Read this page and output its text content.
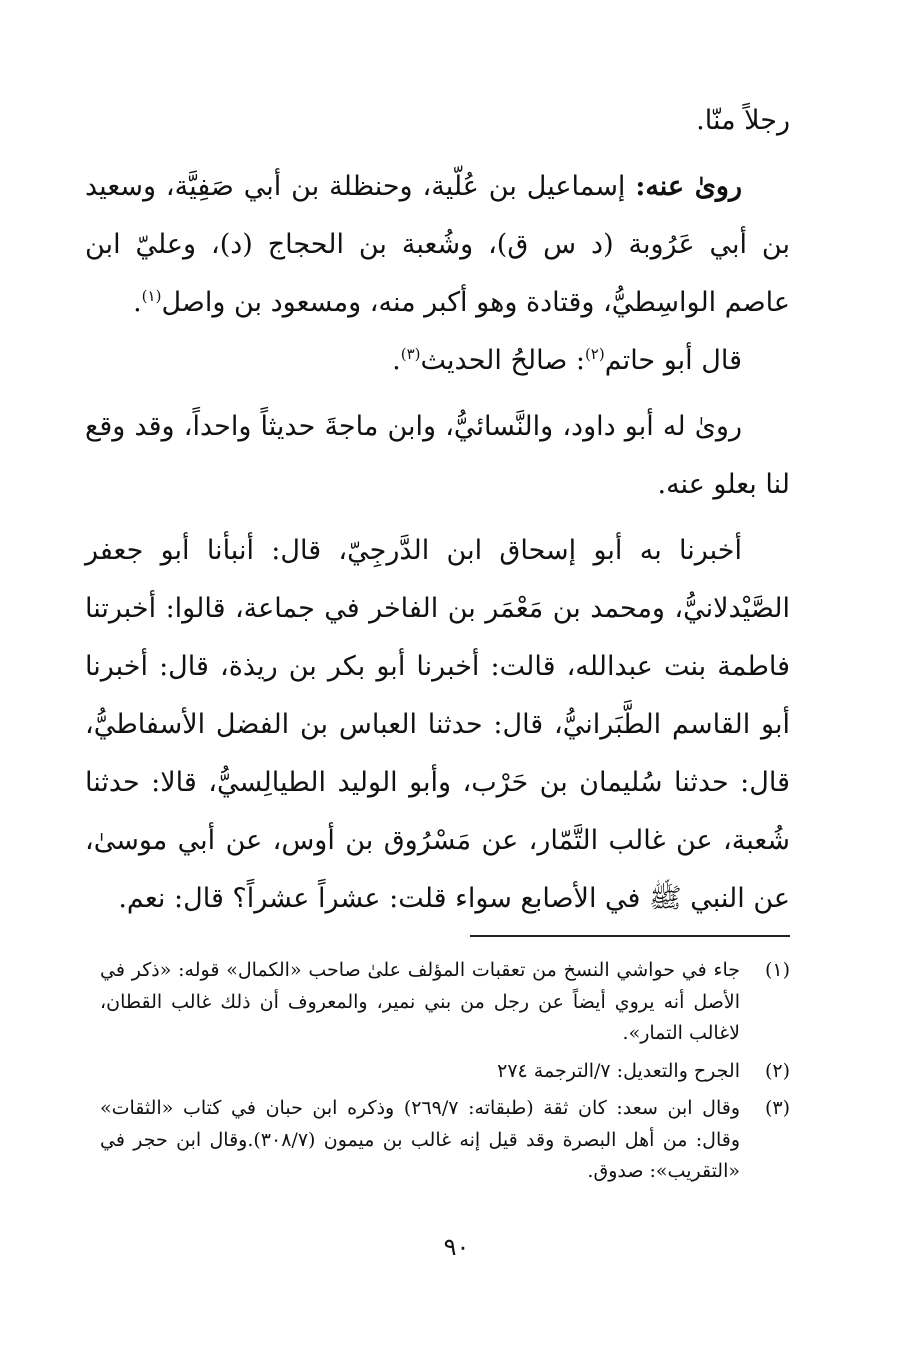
رجلاً منّا.

روىٰ عنه: إسماعيل بن عُلّية، وحنظلة بن أبي صَفِيَّة، وسعيد بن أبي عَرُوبة (د س ق)، وشُعبة بن الحجاج (د)، وعليّ ابن عاصم الواسِطيُّ، وقتادة وهو أكبر منه، ومسعود بن واصل$^{(١)}$.

قال أبو حاتم$^{(٢)}$: صالحُ الحديث$^{(٣)}$.

روىٰ له أبو داود، والنَّسائيُّ، وابن ماجةَ حديثاً واحداً، وقد وقع لنا بعلو عنه.

أخبرنا به أبو إسحاق ابن الدَّرجِيّ، قال: أنبأنا أبو جعفر الصَّيْدلانيُّ، ومحمد بن مَعْمَر بن الفاخر في جماعة، قالوا: أخبرتنا فاطمة بنت عبدالله، قالت: أخبرنا أبو بكر بن ريذة، قال: أخبرنا أبو القاسم الطَّبَرانيُّ، قال: حدثنا العباس بن الفضل الأسفاطيُّ، قال: حدثنا سُليمان بن حَرْب، وأبو الوليد الطيالِسيُّ، قالا: حدثنا شُعبة، عن غالب التَّمّار، عن مَسْرُوق بن أوس، عن أبي موسىٰ، عن النبي ﷺ في الأصابع سواء قلت: عشراً عشراً؟ قال: نعم.

(١)
جاء في حواشي النسخ من تعقبات المؤلف علىٰ صاحب «الكمال» قوله: «ذكر في الأصل أنه يروي أيضاً عن رجل من بني نمير، والمعروف أن ذلك غالب القطان، لاغالب التمار».
(٢)
الجرح والتعديل: ٧/الترجمة ٢٧٤
(٣)
وقال ابن سعد: كان ثقة (طبقاته: ٢٦٩/٧) وذكره ابن حبان في كتاب «الثقات» وقال: من أهل البصرة وقد قيل إنه غالب بن ميمون (٣٠٨/٧).وقال ابن حجر في «التقريب»: صدوق.
٩٠
